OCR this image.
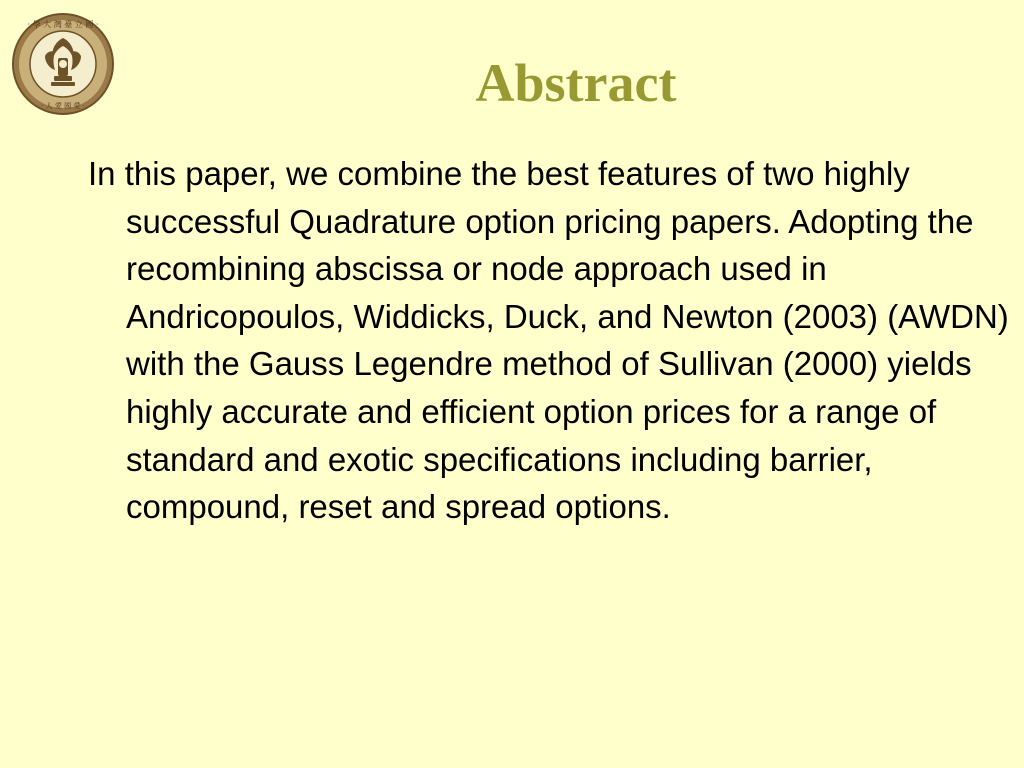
· 學 大 灣 臺 立 國 ·
· 人 愛 國 愛 ·	Abstract

In this paper, we combine the best features of two highly successful Quadrature option pricing papers. Adopting the recombining abscissa or node approach used in Andricopoulos, Widdicks, Duck, and Newton (2003) (AWDN) with the Gauss Legendre method of Sullivan (2000) yields highly accurate and efficient option prices for a range of standard and exotic specifications including barrier, compound, reset and spread options.
